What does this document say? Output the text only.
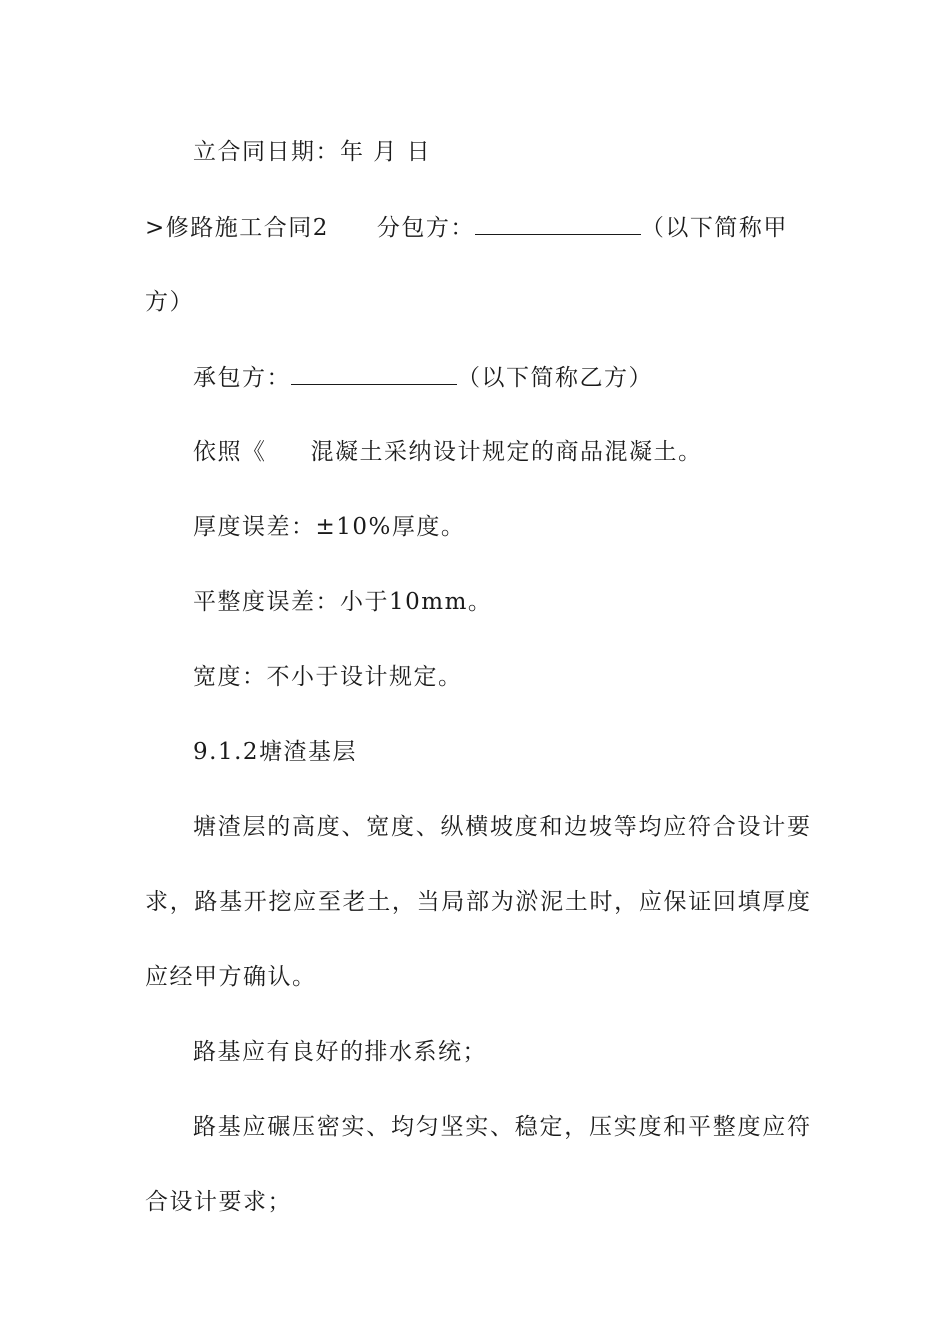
立合同日期：年 月 日
>修路施工合同2 分包方：	（以下简称甲
方）
承包方：	（以下简称乙方）
依照《 混凝土采纳设计规定的商品混凝土。
厚度误差：±10%厚度。
平整度误差：小于10mm。
宽度：不小于设计规定。
9.1.2塘渣基层
塘渣层的高度、宽度、纵横坡度和边坡等均应符合设计要
求，路基开挖应至老土，当局部为淤泥土时，应保证回填厚度
应经甲方确认。
路基应有良好的排水系统；
路基应碾压密实、均匀坚实、稳定，压实度和平整度应符
合设计要求；
